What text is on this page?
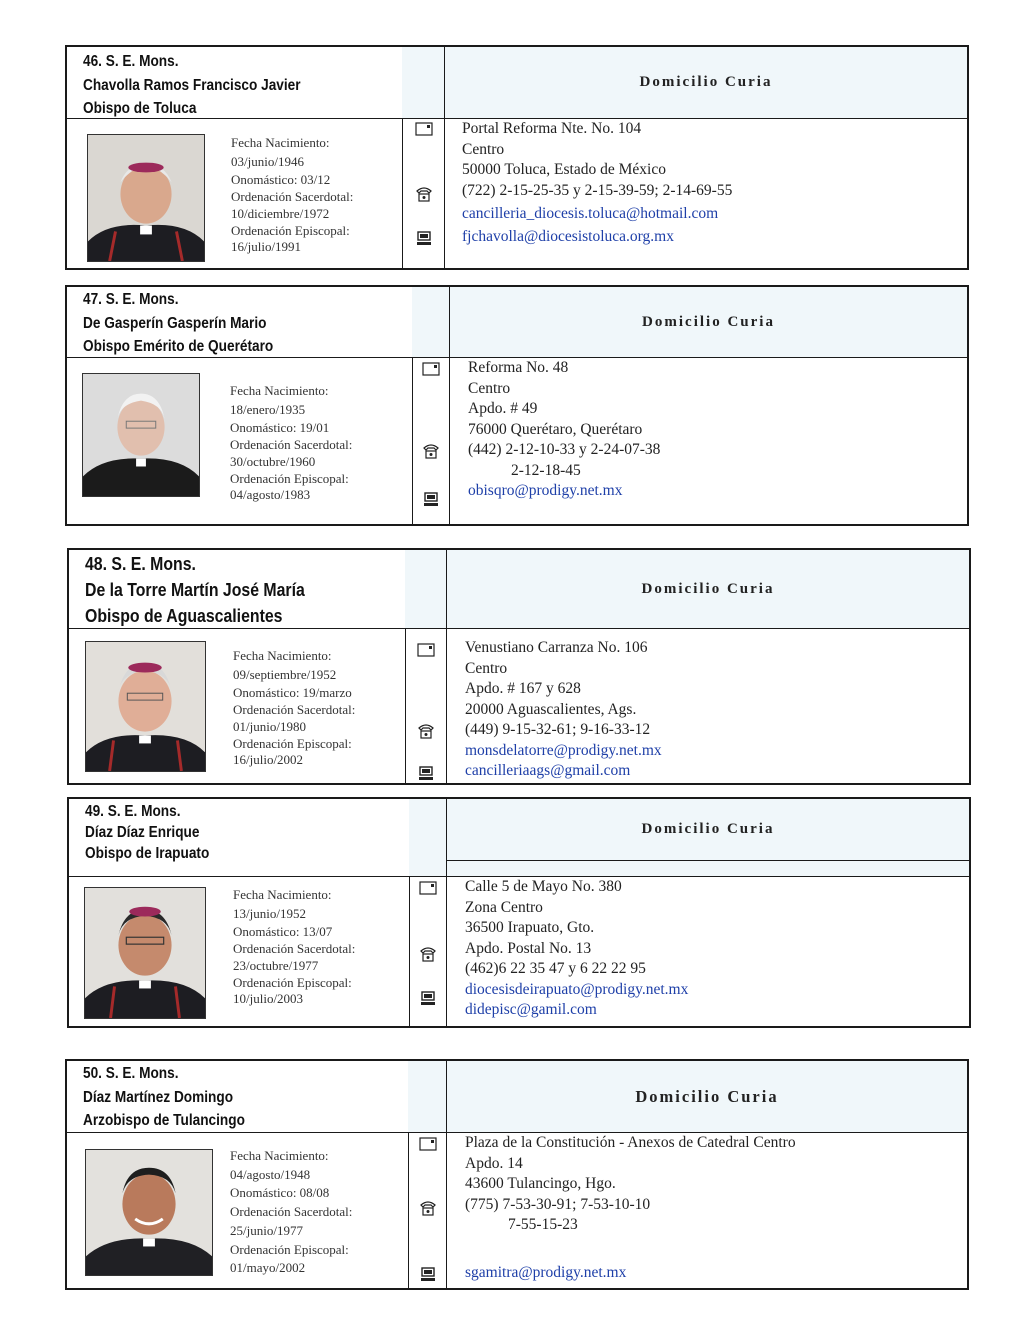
46. S. E. Mons.
Chavolla Ramos Francisco Javier
Obispo de Toluca
Domicilio Curia
Fecha Nacimiento:
03/junio/1946
Onomástico: 03/12
Ordenación Sacerdotal:
10/diciembre/1972
Ordenación Episcopal:
16/julio/1991
Portal Reforma Nte. No. 104
Centro
50000 Toluca, Estado de México
(722) 2-15-25-35 y 2-15-39-59; 2-14-69-55
cancilleria_diocesis.toluca@hotmail.com
fjchavolla@diocesistoluca.org.mx
47. S. E. Mons.
De Gasperín Gasperín Mario
Obispo Emérito de Querétaro
Domicilio Curia
Fecha Nacimiento:
18/enero/1935
Onomástico: 19/01
Ordenación Sacerdotal:
30/octubre/1960
Ordenación Episcopal:
04/agosto/1983
Reforma No. 48
Centro
Apdo. # 49
76000 Querétaro, Querétaro
(442) 2-12-10-33 y 2-24-07-38
2-12-18-45
obisqro@prodigy.net.mx
48. S. E. Mons.
De la Torre Martín José María
Obispo de Aguascalientes
Domicilio Curia
Fecha Nacimiento:
09/septiembre/1952
Onomástico: 19/marzo
Ordenación Sacerdotal:
01/junio/1980
Ordenación Episcopal:
16/julio/2002
Venustiano Carranza No. 106
Centro
Apdo. # 167 y 628
20000 Aguascalientes, Ags.
(449) 9-15-32-61; 9-16-33-12
monsdelatorre@prodigy.net.mx
cancilleriaags@gmail.com
49. S. E. Mons.
Díaz Díaz Enrique
Obispo de Irapuato
Domicilio Curia
Fecha Nacimiento:
13/junio/1952
Onomástico: 13/07
Ordenación Sacerdotal:
23/octubre/1977
Ordenación Episcopal:
10/julio/2003
Calle 5 de Mayo No. 380
Zona Centro
36500 Irapuato, Gto.
Apdo. Postal No. 13
(462)6 22 35 47 y 6 22 22 95
diocesisdeirapuato@prodigy.net.mx
didepisc@gamil.com
50. S. E. Mons.
Díaz Martínez Domingo
Arzobispo de Tulancingo
Domicilio Curia
Fecha Nacimiento:
04/agosto/1948
Onomástico: 08/08
Ordenación Sacerdotal:
25/junio/1977
Ordenación Episcopal:
01/mayo/2002
Plaza de la Constitución - Anexos de Catedral Centro
Apdo. 14
43600 Tulancingo, Hgo.
(775) 7-53-30-91; 7-53-10-10
7-55-15-23
sgamitra@prodigy.net.mx
